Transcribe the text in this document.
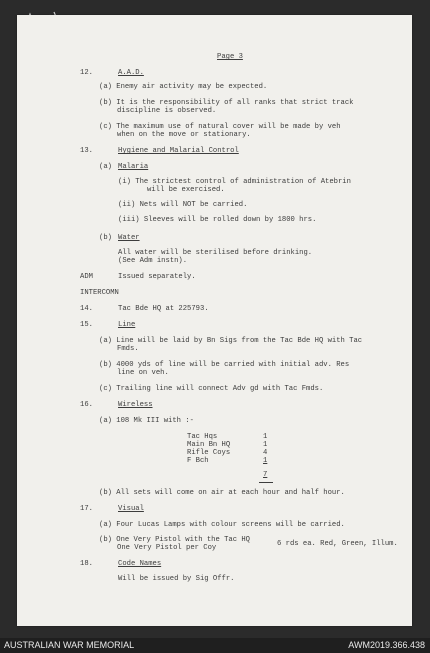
Page 3
12.	A.A.D.
(a) Enemy air activity may be expected.
(b) It is the responsibility of all ranks that strict track
discipline is observed.
(c) The maximum use of natural cover will be made by veh
when on the move or stationary.
13.	Hygiene and Malarial Control
(a) Malaria
(i) The strictest control of administration of Atebrin
will be exercised.
(ii) Nets will NOT be carried.
(iii) Sleeves will be rolled down by 1800 hrs.
(b) Water
All water will be sterilised before drinking.
(See Adm instn).
ADM	Issued separately.
INTERCOMN
14.	Tac Bde HQ at 225793.
15.	Line
(a) Line will be laid by Bn Sigs from the Tac Bde HQ with Tac
Fmds.
(b) 4000 yds of line will be carried with initial adv. Res
line on veh.
(c) Trailing line will connect Adv gd with Tac Fmds.
16.	Wireless
(a) 108 Mk III with :-
Tac Hqs	1
Main Bn HQ	1
Rifle Coys	4
F Bch	1
7
(b) All sets will come on air at each hour and half hour.
17.	Visual
(a) Four Lucas Lamps with colour screens will be carried.
(b) One Very Pistol with the Tac HQ
One Very Pistol per Coy	6 rds ea. Red, Green, Illum.
18.	Code Names
Will be issued by Sig Offr.
AUSTRALIAN WAR MEMORIAL	AWM2019.366.438
